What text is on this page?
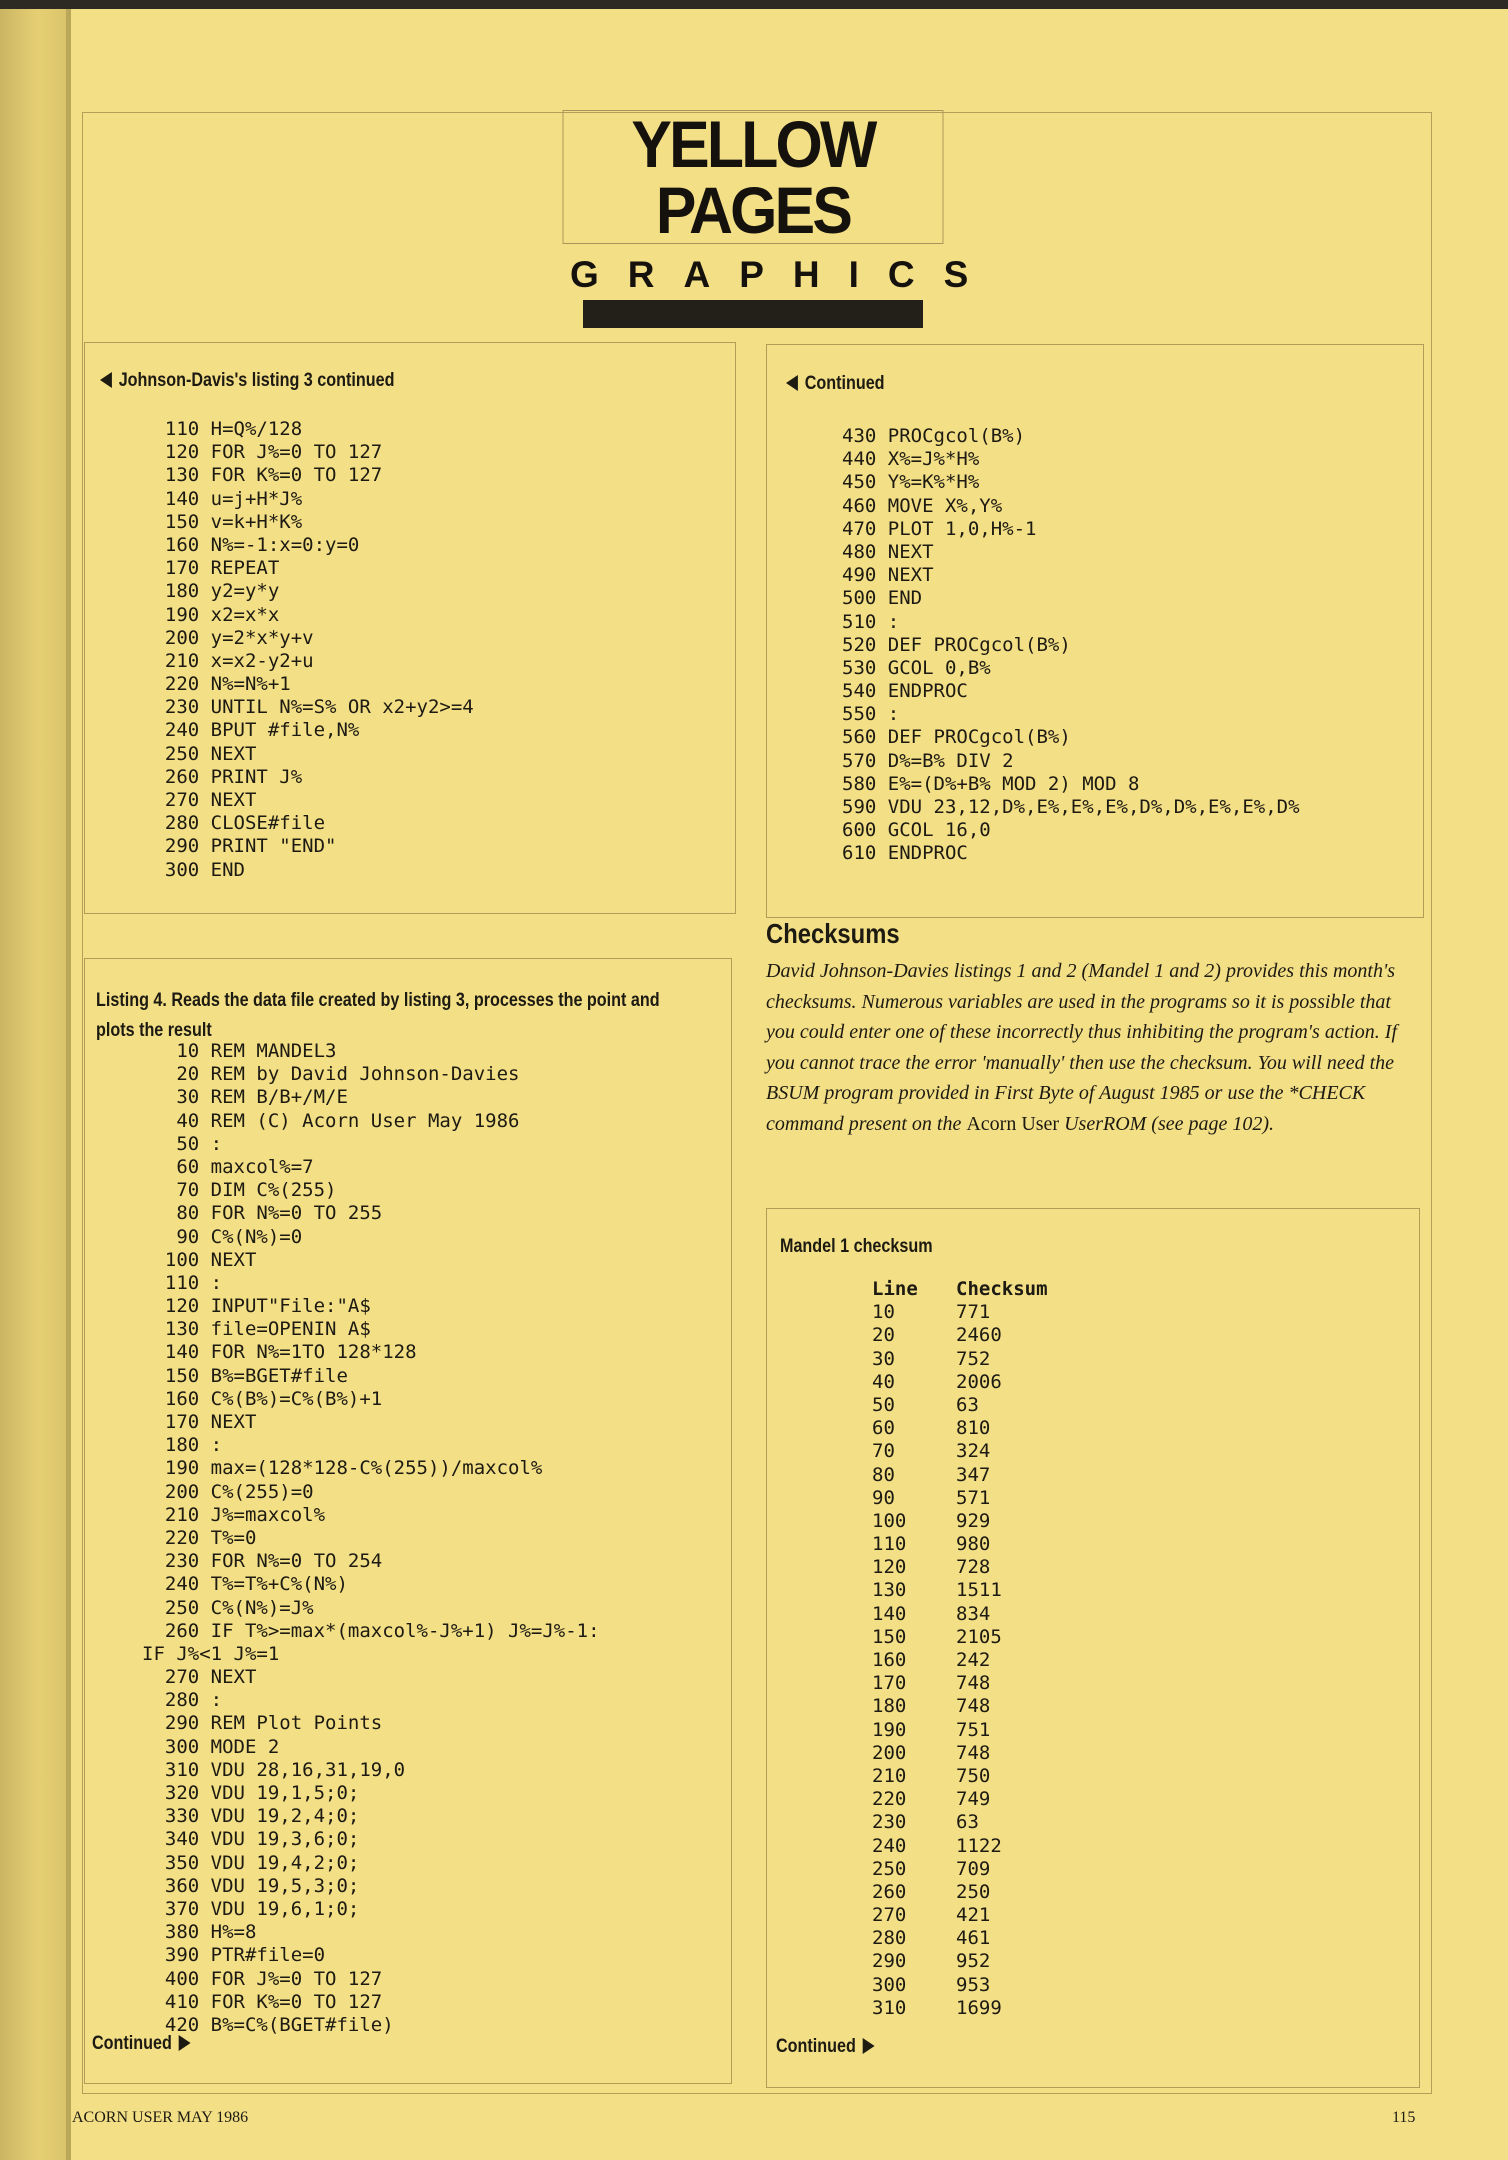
YELLOW PAGES
GRAPHICS
Johnson-Davis's listing 3 continued
110 H=Q%/128
120 FOR J%=0 TO 127
130 FOR K%=0 TO 127
140 u=j+H*J%
150 v=k+H*K%
160 N%=-1:x=0:y=0
170 REPEAT
180 y2=y*y
190 x2=x*x
200 y=2*x*y+v
210 x=x2-y2+u
220 N%=N%+1
230 UNTIL N%=S% OR x2+y2>=4
240 BPUT #file,N%
250 NEXT
260 PRINT J%
270 NEXT
280 CLOSE#file
290 PRINT "END"
300 END
Continued
430 PROCgcol(B%)
440 X%=J%*H%
450 Y%=K%*H%
460 MOVE X%,Y%
470 PLOT 1,0,H%-1
480 NEXT
490 NEXT
500 END
510 :
520 DEF PROCgcol(B%)
530 GCOL 0,B%
540 ENDPROC
550 :
560 DEF PROCgcol(B%)
570 D%=B% DIV 2
580 E%=(D%+B% MOD 2) MOD 8
590 VDU 23,12,D%,E%,E%,E%,D%,D%,E%,E%,D%
600 GCOL 16,0
610 ENDPROC
Checksums
David Johnson-Davies listings 1 and 2 (Mandel 1 and 2) provides this month's checksums. Numerous variables are used in the programs so it is possible that you could enter one of these incorrectly thus inhibiting the program's action. If you cannot trace the error 'manually' then use the checksum. You will need the BSUM program provided in First Byte of August 1985 or use the *CHECK command present on the Acorn User UserROM (see page 102).
Listing 4. Reads the data file created by listing 3, processes the point and
plots the result
10 REM MANDEL3
20 REM by David Johnson-Davies
30 REM B/B+/M/E
40 REM (C) Acorn User May 1986
50 :
60 maxcol%=7
70 DIM C%(255)
80 FOR N%=0 TO 255
90 C%(N%)=0
100 NEXT
110 :
120 INPUT"File:"A$
130 file=OPENIN A$
140 FOR N%=1TO 128*128
150 B%=BGET#file
160 C%(B%)=C%(B%)+1
170 NEXT
180 :
190 max=(128*128-C%(255))/maxcol%
200 C%(255)=0
210 J%=maxcol%
220 T%=0
230 FOR N%=0 TO 254
240 T%=T%+C%(N%)
250 C%(N%)=J%
260 IF T%>=max*(maxcol%-J%+1) J%=J%-1:
IF J%<1 J%=1
270 NEXT
280 :
290 REM Plot Points
300 MODE 2
310 VDU 28,16,31,19,0
320 VDU 19,1,5;0;
330 VDU 19,2,4;0;
340 VDU 19,3,6;0;
350 VDU 19,4,2;0;
360 VDU 19,5,3;0;
370 VDU 19,6,1;0;
380 H%=8
390 PTR#file=0
400 FOR J%=0 TO 127
410 FOR K%=0 TO 127
420 B%=C%(BGET#file)
Continued
Mandel 1 checksum
Line	Checksum
10	771
20	2460
30	752
40	2006
50	63
60	810
70	324
80	347
90	571
100	929
110	980
120	728
130	1511
140	834
150	2105
160	242
170	748
180	748
190	751
200	748
210	750
220	749
230	63
240	1122
250	709
260	250
270	421
280	461
290	952
300	953
310	1699
Continued
ACORN USER MAY 1986	115
